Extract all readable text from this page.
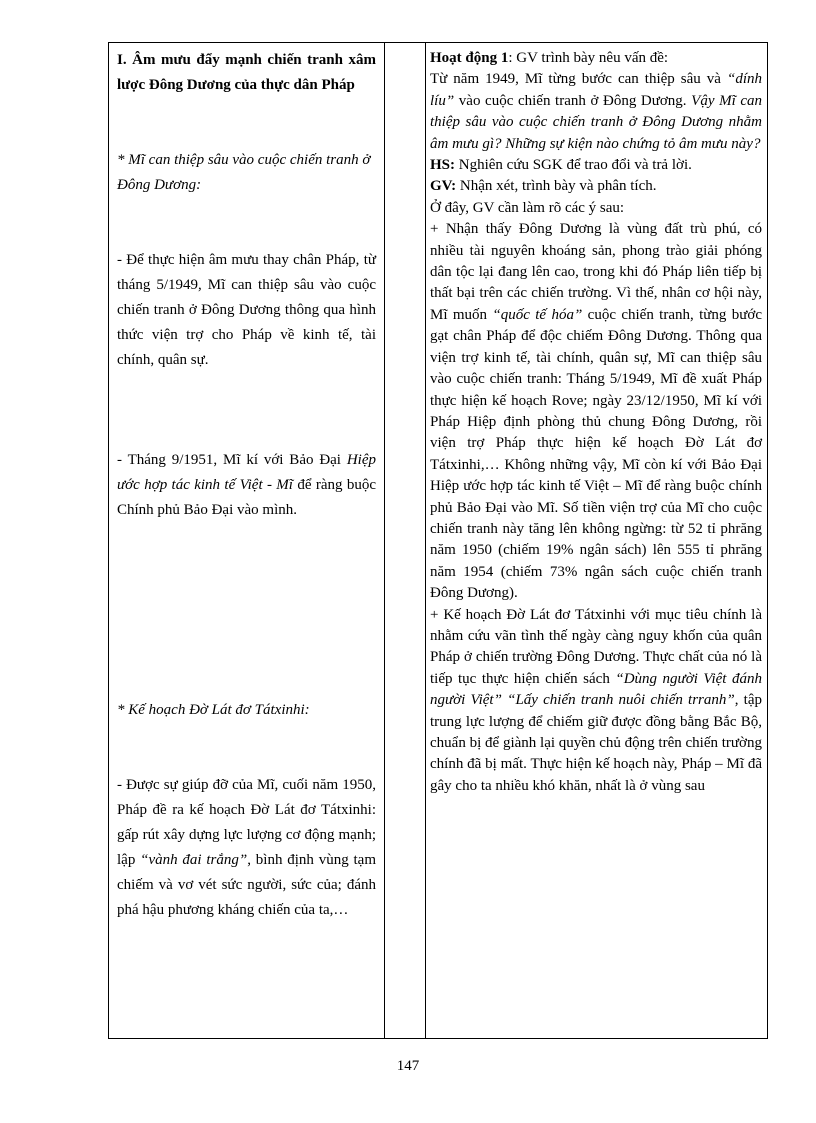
I. Âm mưu đẩy mạnh chiến tranh xâm lược Đông Dương của thực dân Pháp

* Mĩ can thiệp sâu vào cuộc chiến tranh ở Đông Dương:

- Để thực hiện âm mưu thay chân Pháp, từ tháng 5/1949, Mĩ can thiệp sâu vào cuộc chiến tranh ở Đông Dương thông qua hình thức viện trợ cho Pháp về kinh tế, tài chính, quân sự.

- Tháng 9/1951, Mĩ kí với Bảo Đại Hiệp ước hợp tác kinh tế Việt - Mĩ để ràng buộc Chính phủ Bảo Đại vào mình.

* Kế hoạch Đờ Lát đơ Tátxinhi:

- Được sự giúp đỡ của Mĩ, cuối năm 1950, Pháp đề ra kế hoạch Đờ Lát đơ Tátxinhi: gấp rút xây dựng lực lượng cơ động mạnh; lập “vành đai trắng”, bình định vùng tạm chiếm và vơ vét sức người, sức của; đánh phá hậu phương kháng chiến của ta,…

Hoạt động 1: GV trình bày nêu vấn đề:

Từ năm 1949, Mĩ từng bước can thiệp sâu và “dính líu” vào cuộc chiến tranh ở Đông Dương. Vậy Mĩ can thiệp sâu vào cuộc chiến tranh ở Đông Dương nhằm âm mưu gì? Những sự kiện nào chứng tỏ âm mưu này?

HS: Nghiên cứu SGK để trao đổi và trả lời.

GV: Nhận xét, trình bày và phân tích.

Ở đây, GV cần làm rõ các ý sau:

+ Nhận thấy Đông Dương là vùng đất trù phú, có nhiều tài nguyên khoáng sản, phong trào giải phóng dân tộc lại đang lên cao, trong khi đó Pháp liên tiếp bị thất bại trên các chiến trường. Vì thế, nhân cơ hội này, Mĩ muốn “quốc tế hóa” cuộc chiến tranh, từng bước gạt chân Pháp để độc chiếm Đông Dương. Thông qua viện trợ kinh tế, tài chính, quân sự, Mĩ can thiệp sâu vào cuộc chiến tranh: Tháng 5/1949, Mĩ đề xuất Pháp thực hiện kế hoạch Rove; ngày 23/12/1950, Mĩ kí với Pháp Hiệp định phòng thủ chung Đông Dương, rồi viện trợ Pháp thực hiện kế hoạch Đờ Lát đơ Tátxinhi,… Không những vậy, Mĩ còn kí với Bảo Đại Hiệp ước hợp tác kinh tế Việt – Mĩ để ràng buộc chính phủ Bảo Đại vào Mĩ. Số tiền viện trợ của Mĩ cho cuộc chiến tranh này tăng lên không ngừng: từ 52 tỉ phrăng năm 1950 (chiếm 19% ngân sách) lên 555 tỉ phrăng năm 1954 (chiếm 73% ngân sách cuộc chiến tranh Đông Dương).

+ Kế hoạch Đờ Lát đơ Tátxinhi với mục tiêu chính là nhằm cứu vãn tình thế ngày càng nguy khốn của quân Pháp ở chiến trường Đông Dương. Thực chất của nó là tiếp tục thực hiện chiến sách “Dùng người Việt đánh người Việt” “Lấy chiến tranh nuôi chiến trranh”, tập trung lực lượng để chiếm giữ được đồng bằng Bắc Bộ, chuẩn bị để giành lại quyền chủ động trên chiến trường chính đã bị mất. Thực hiện kế hoạch này, Pháp – Mĩ đã gây cho ta nhiều khó khăn, nhất là ở vùng sau

147
